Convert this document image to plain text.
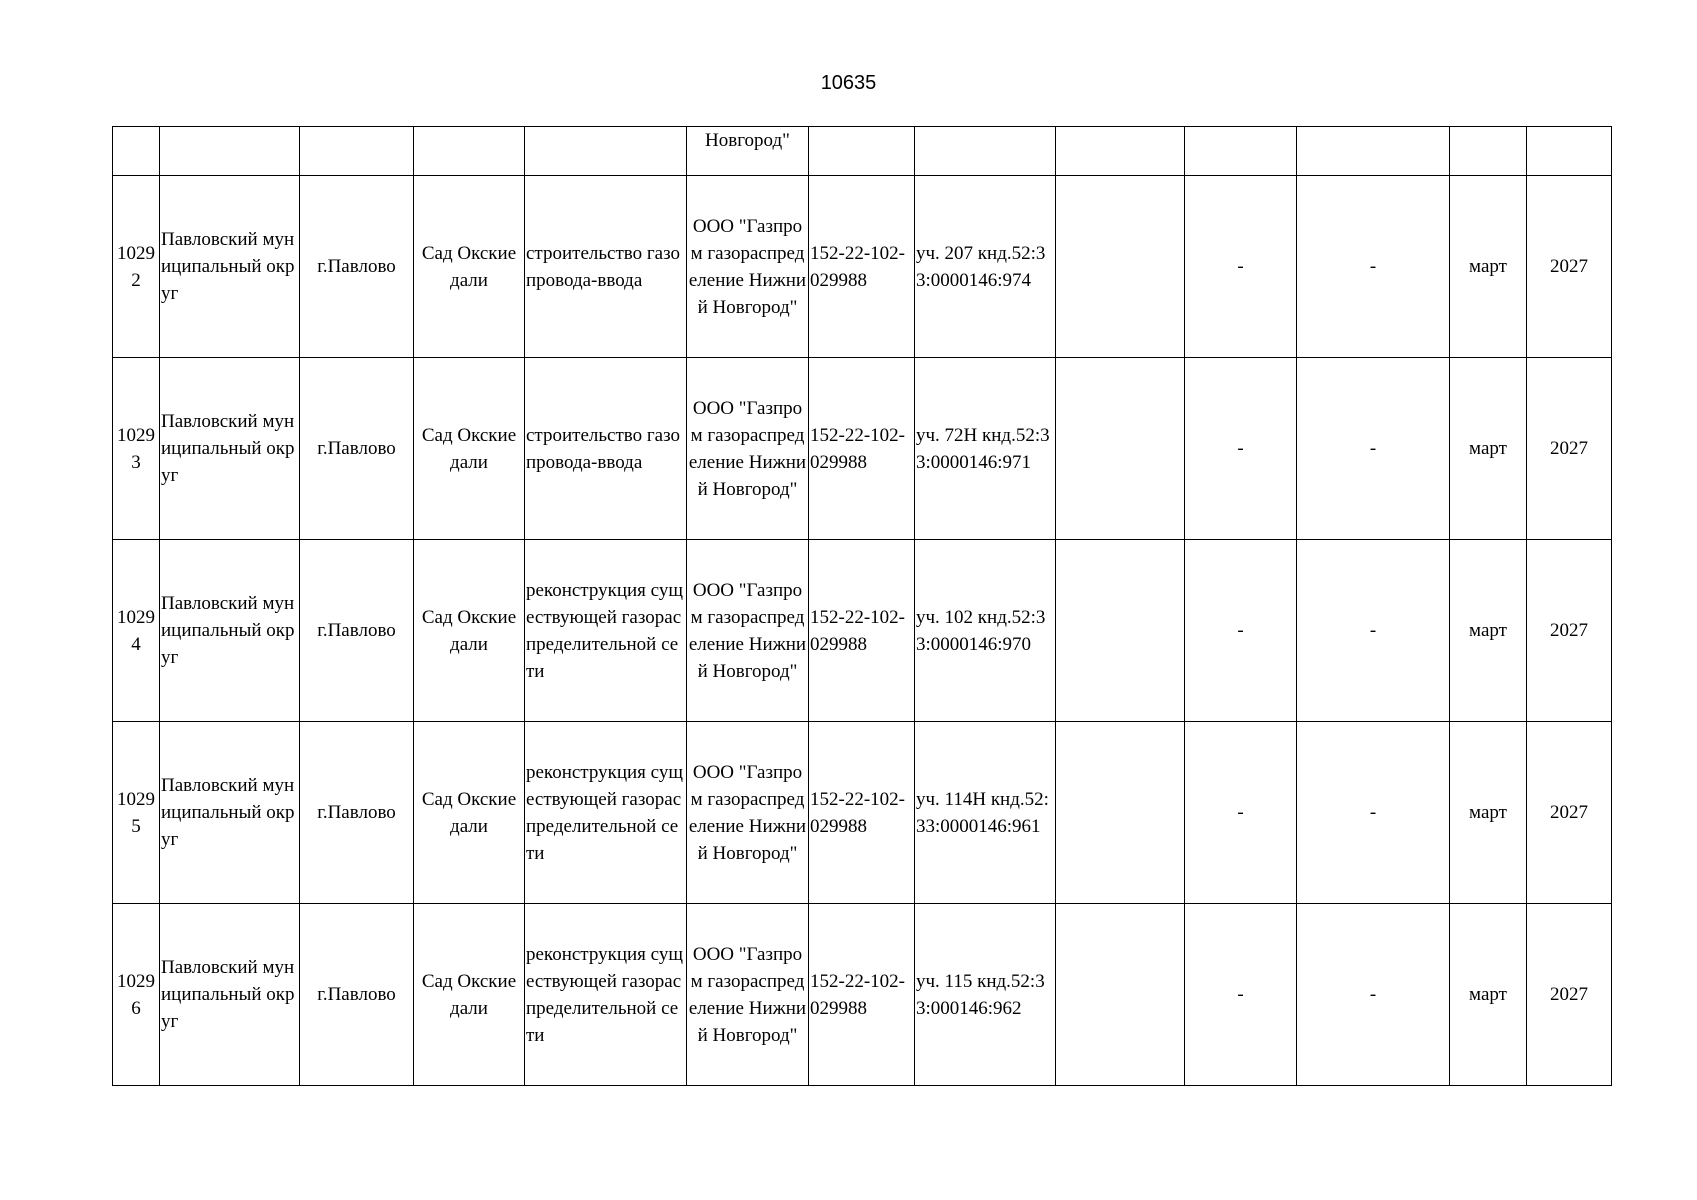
10635
					Новгород"							
10292	Павловский муниципальный округ	г.Павлово	Сад Окские дали	строительство газопровода-ввода	ООО "Газпром газораспределение Нижний Новгород"	152-22-102-029988	уч. 207 кнд.52:33:0000146:974		-	-	март	2027
10293	Павловский муниципальный округ	г.Павлово	Сад Окские дали	строительство газопровода-ввода	ООО "Газпром газораспределение Нижний Новгород"	152-22-102-029988	уч. 72Н кнд.52:33:0000146:971		-	-	март	2027
10294	Павловский муниципальный округ	г.Павлово	Сад Окские дали	реконструкция существующей газораспределительной сети	ООО "Газпром газораспределение Нижний Новгород"	152-22-102-029988	уч. 102 кнд.52:33:0000146:970		-	-	март	2027
10295	Павловский муниципальный округ	г.Павлово	Сад Окские дали	реконструкция существующей газораспределительной сети	ООО "Газпром газораспределение Нижний Новгород"	152-22-102-029988	уч. 114Н кнд.52:33:0000146:961		-	-	март	2027
10296	Павловский муниципальный округ	г.Павлово	Сад Окские дали	реконструкция существующей газораспределительной сети	ООО "Газпром газораспределение Нижний Новгород"	152-22-102-029988	уч. 115 кнд.52:33:000146:962		-	-	март	2027
